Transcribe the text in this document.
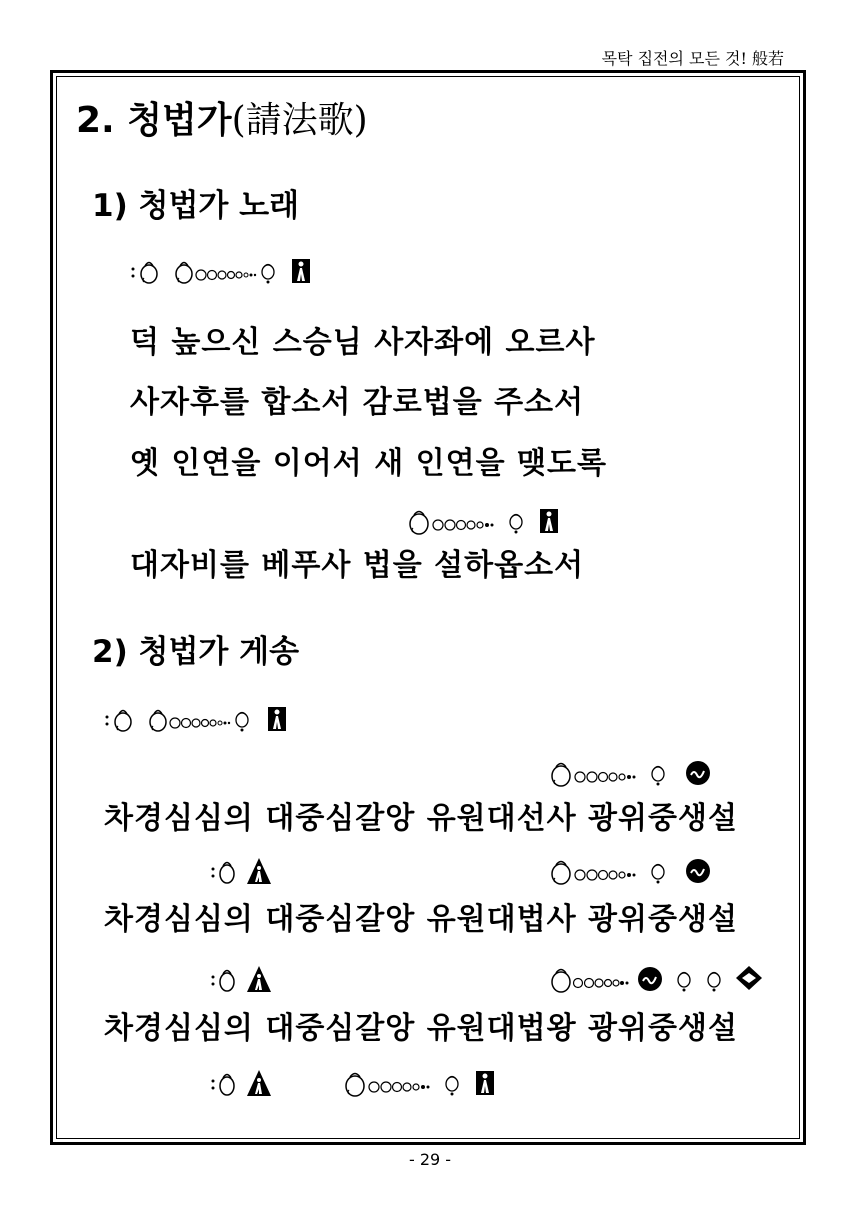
목탁 집전의 모든 것! 般若
2. 청법가(請法歌)
1) 청법가 노래
덕 높으신 스승님 사자좌에 오르사
사자후를 합소서 감로법을 주소서
옛 인연을 이어서 새 인연을 맺도록
대자비를 베푸사 법을 설하옵소서
2) 청법가 게송
차경심심의 대중심갈앙 유원대선사 광위중생설
차경심심의 대중심갈앙 유원대법사 광위중생설
차경심심의 대중심갈앙 유원대법왕 광위중생설
- 29 -
